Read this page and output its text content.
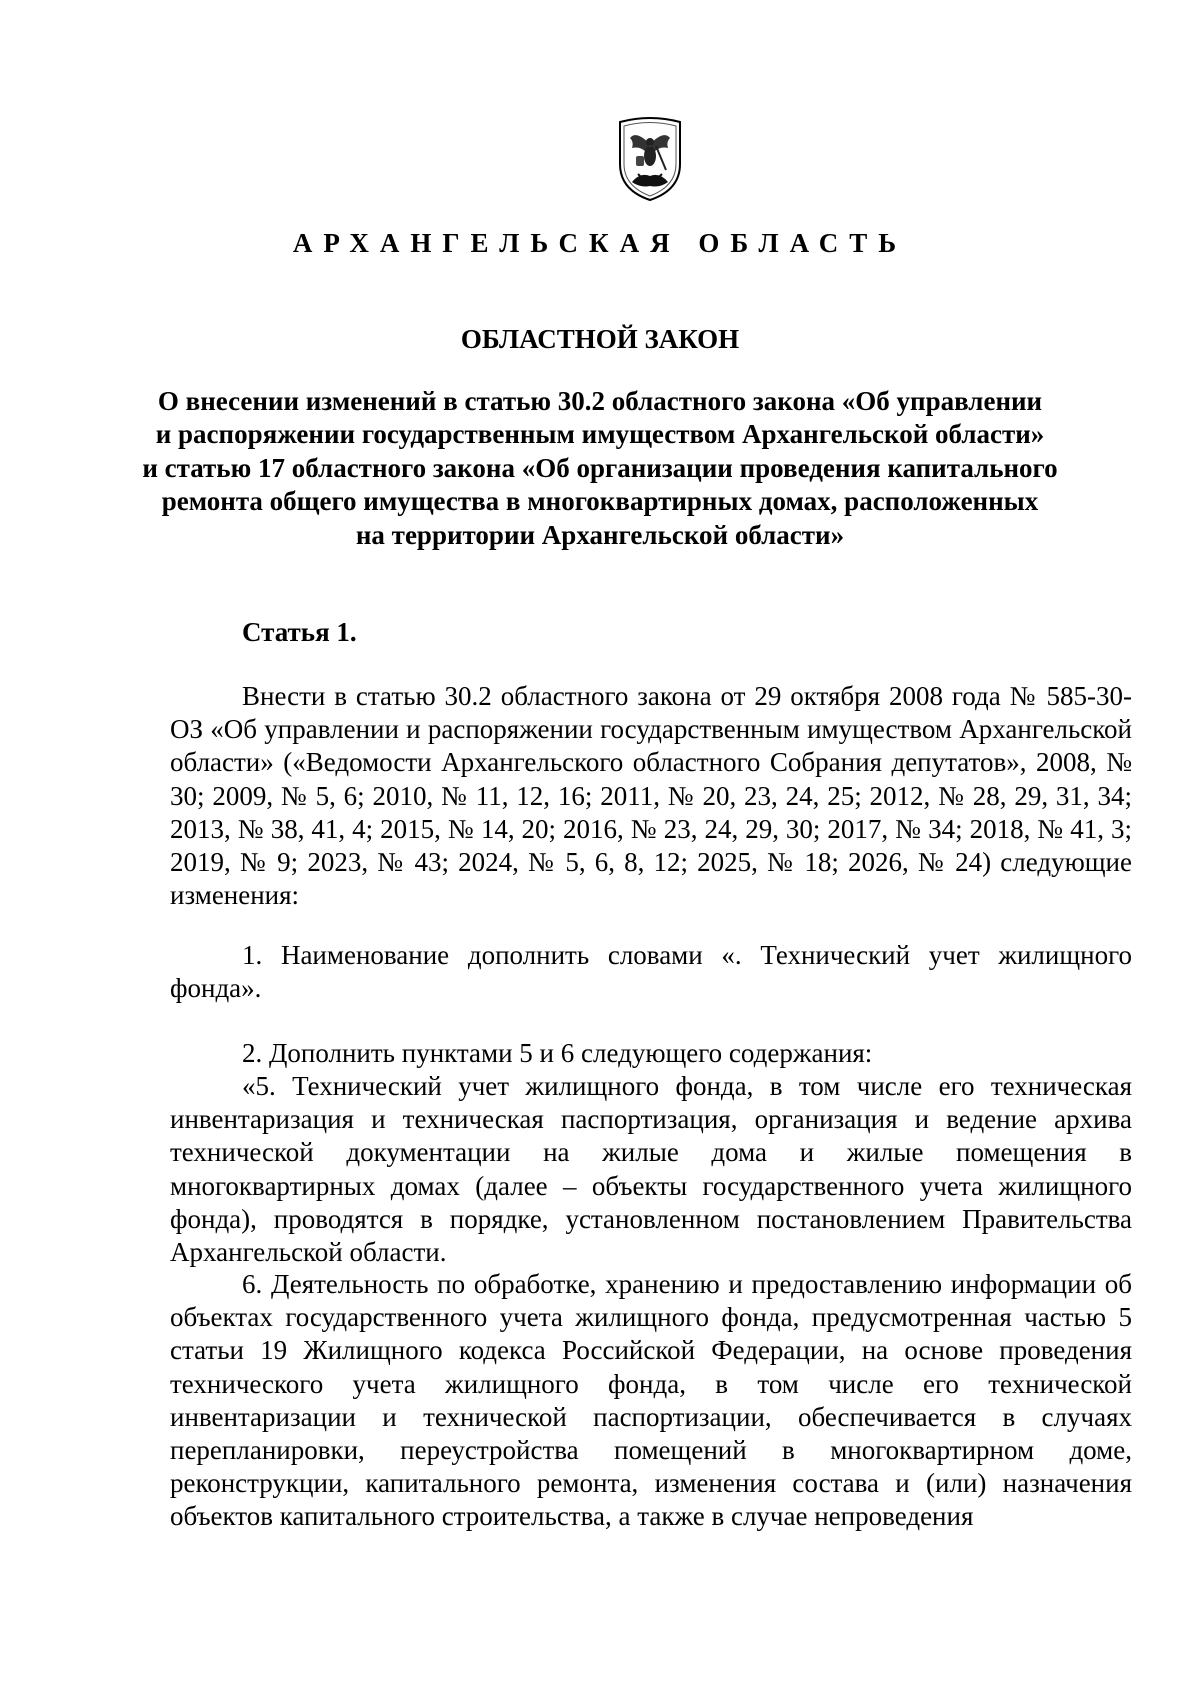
АРХАНГЕЛЬСКАЯ ОБЛАСТЬ
ОБЛАСТНОЙ ЗАКОН
О внесении изменений в статью 30.2 областного закона «Об управлении
и распоряжении государственным имуществом Архангельской области»
и статью 17 областного закона «Об организации проведения капитального
ремонта общего имущества в многоквартирных домах, расположенных
на территории Архангельской области»
Статья 1.

Внести в статью 30.2 областного закона от 29 октября 2008 года № 585-30-ОЗ «Об управлении и распоряжении государственным имуществом Архангельской области» («Ведомости Архангельского областного Собрания депутатов», 2008, № 30; 2009, № 5, 6; 2010, № 11, 12, 16; 2011, № 20, 23, 24, 25; 2012, № 28, 29, 31, 34; 2013, № 38, 41, 4; 2015, № 14, 20; 2016, № 23, 24, 29, 30; 2017, № 34; 2018, № 41, 3; 2019, № 9; 2023, № 43; 2024, № 5, 6, 8, 12; 2025, № 18; 2026, № 24) следующие изменения:

1. Наименование дополнить словами «. Технический учет жилищного фонда».

2. Дополнить пунктами 5 и 6 следующего содержания:

«5. Технический учет жилищного фонда, в том числе его техническая инвентаризация и техническая паспортизация, организация и ведение архива технической документации на жилые дома и жилые помещения в многоквартирных домах (далее – объекты государственного учета жилищного фонда), проводятся в порядке, установленном постановлением Правительства Архангельской области.

6. Деятельность по обработке, хранению и предоставлению информации об объектах государственного учета жилищного фонда, предусмотренная частью 5 статьи 19 Жилищного кодекса Российской Федерации, на основе проведения технического учета жилищного фонда, в том числе его технической инвентаризации и технической паспортизации, обеспечивается в случаях перепланировки, переустройства помещений в многоквартирном доме, реконструкции, капитального ремонта, изменения состава и (или) назначения объектов капитального строительства, а также в случае непроведения
